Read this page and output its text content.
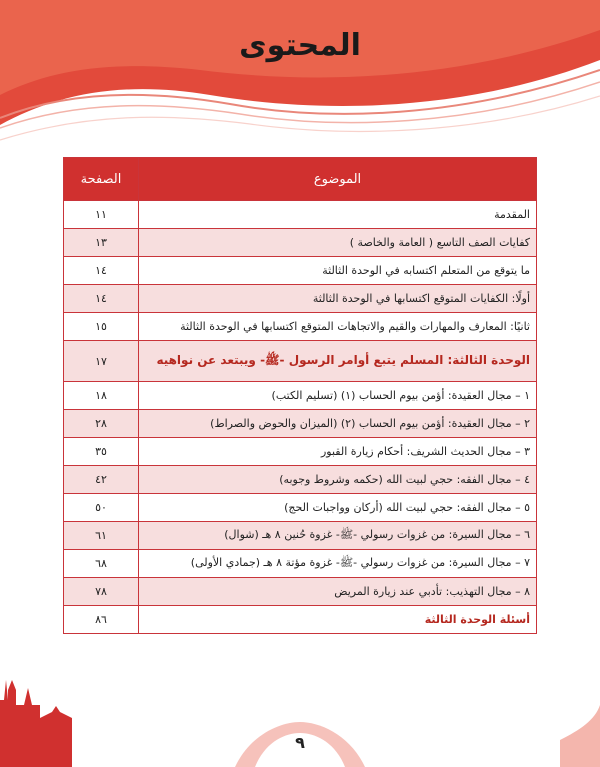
المحتوى
الموضوع	الصفحة
المقدمة	١١
كفايات الصف التاسع ( العامة والخاصة )	١٣
ما يتوقع من المتعلم اكتسابه في الوحدة الثالثة	١٤
أولًا: الكفايات المتوقع اكتسابها في الوحدة الثالثة	١٤
ثانيًا: المعارف والمهارات والقيم والاتجاهات المتوقع اكتسابها في الوحدة الثالثة	١٥
الوحدة الثالثة: المسلم يتبع أوامر الرسول -ﷺ- ويبتعد عن نواهيه	١٧
١ – مجال العقيدة: أؤمن بيوم الحساب (١) (تسليم الكتب)	١٨
٢ – مجال العقيدة: أؤمن بيوم الحساب (٢) (الميزان والحوض والصراط)	٢٨
٣ – مجال الحديث الشريف: أحكام زيارة القبور	٣٥
٤ – مجال الفقه: حجي لبيت الله (حكمه وشروط وجوبه)	٤٢
٥ – مجال الفقه: حجي لبيت الله (أركان وواجبات الحج)	٥٠
٦ – مجال السيرة: من غزوات رسولي -ﷺ- غزوة حُنين ٨ هـ (شوال)	٦١
٧ – مجال السيرة: من غزوات رسولي -ﷺ- غزوة مؤتة ٨ هـ (جمادي الأولى)	٦٨
٨ – مجال التهذيب: تأدبي عند زيارة المريض	٧٨
أسئلة الوحدة الثالثة	٨٦
٩
